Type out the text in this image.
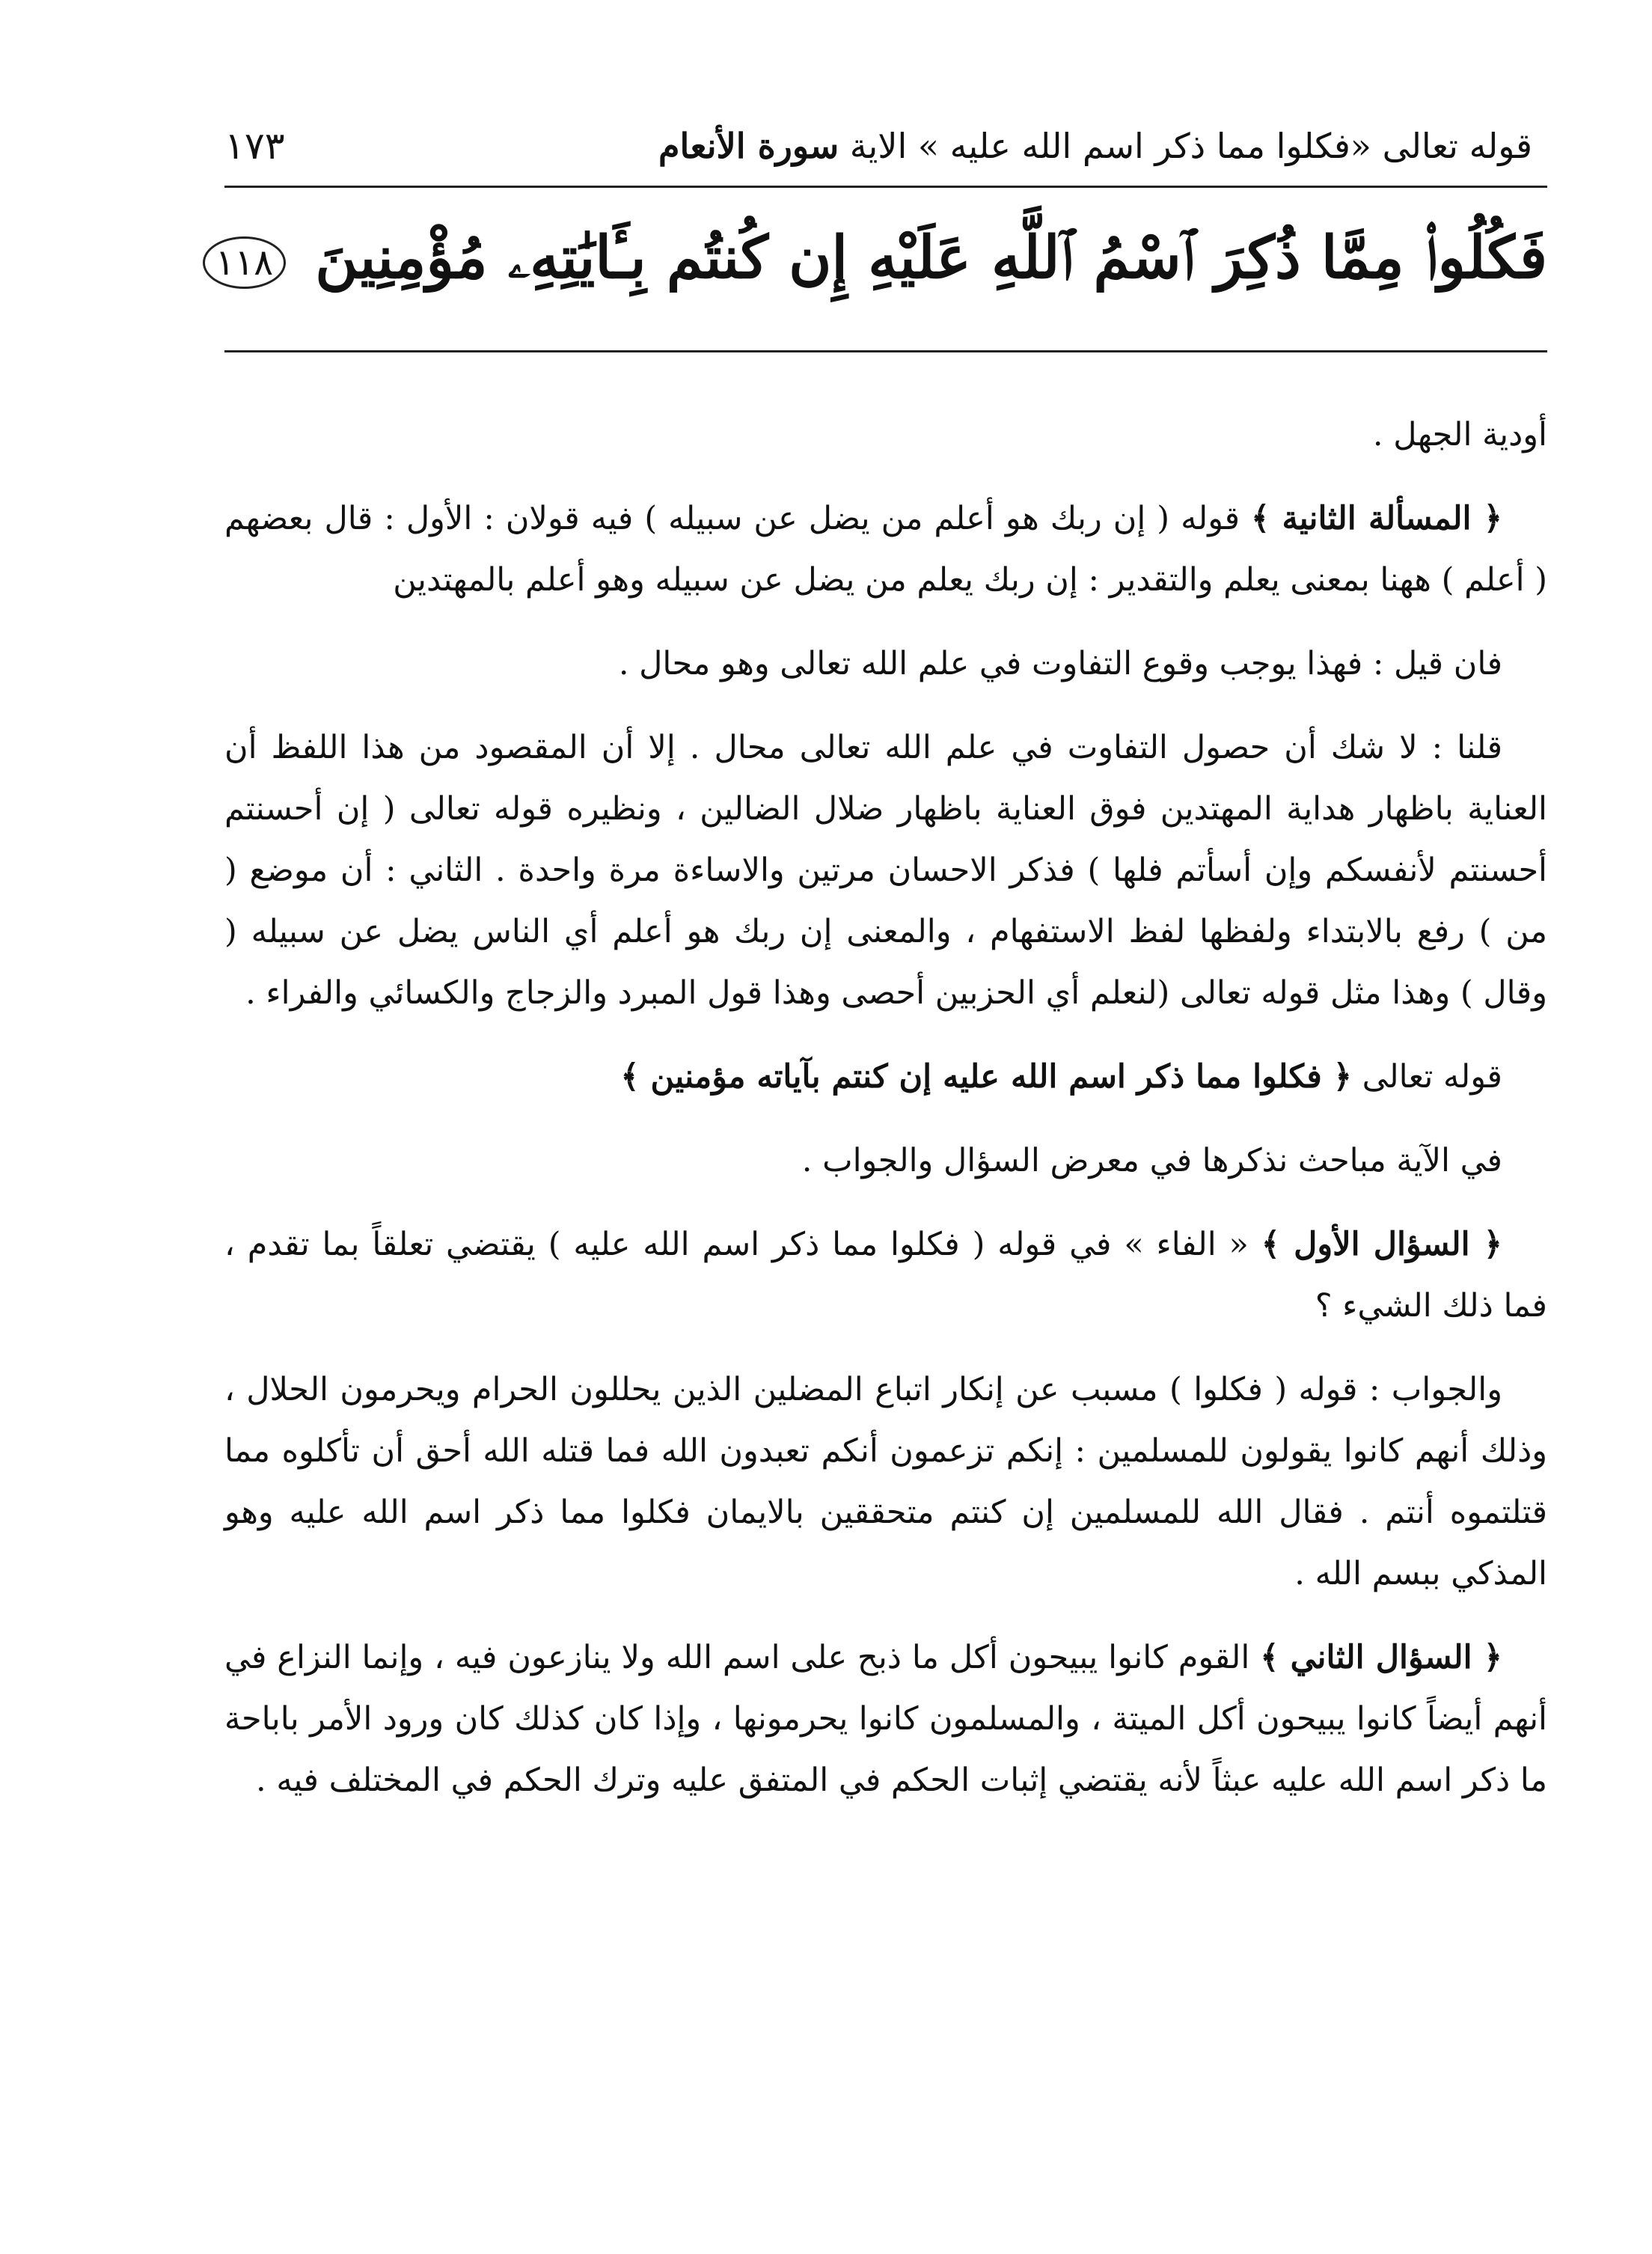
قوله تعالى «فكلوا مما ذكر اسم الله عليه » الاية سورة الأنعام
١٧٣
فَكُلُوا۟ مِمَّا ذُكِرَ ٱسْمُ ٱللَّهِ عَلَيْهِ إِن كُنتُم بِـَٔايَٰتِهِۦ مُؤْمِنِينَ ١١٨

أودية الجهل .

﴿ المسألة الثانية ﴾ قوله ( إن ربك هو أعلم من يضل عن سبيله ) فيه قولان : الأول : قال بعضهم ( أعلم ) ههنا بمعنى يعلم والتقدير : إن ربك يعلم من يضل عن سبيله وهو أعلم بالمهتدين

فان قيل : فهذا يوجب وقوع التفاوت في علم الله تعالى وهو محال .

قلنا : لا شك أن حصول التفاوت في علم الله تعالى محال . إلا أن المقصود من هذا اللفظ أن العناية باظهار هداية المهتدين فوق العناية باظهار ضلال الضالين ، ونظيره قوله تعالى ( إن أحسنتم أحسنتم لأنفسكم وإن أسأتم فلها ) فذكر الاحسان مرتين والاساءة مرة واحدة . الثاني : أن موضع ( من ) رفع بالابتداء ولفظها لفظ الاستفهام ، والمعنى إن ربك هو أعلم أي الناس يضل عن سبيله ( وقال ) وهذا مثل قوله تعالى (لنعلم أي الحزبين أحصى وهذا قول المبرد والزجاج والكسائي والفراء .

قوله تعالى ﴿ فكلوا مما ذكر اسم الله عليه إن كنتم بآياته مؤمنين ﴾

في الآية مباحث نذكرها في معرض السؤال والجواب .

﴿ السؤال الأول ﴾ « الفاء » في قوله ( فكلوا مما ذكر اسم الله عليه ) يقتضي تعلقاً بما تقدم ، فما ذلك الشيء ؟

والجواب : قوله ( فكلوا ) مسبب عن إنكار اتباع المضلين الذين يحللون الحرام ويحرمون الحلال ، وذلك أنهم كانوا يقولون للمسلمين : إنكم تزعمون أنكم تعبدون الله فما قتله الله أحق أن تأكلوه مما قتلتموه أنتم . فقال الله للمسلمين إن كنتم متحققين بالايمان فكلوا مما ذكر اسم الله عليه وهو المذكي ببسم الله .

﴿ السؤال الثاني ﴾ القوم كانوا يبيحون أكل ما ذبح على اسم الله ولا ينازعون فيه ، وإنما النزاع في أنهم أيضاً كانوا يبيحون أكل الميتة ، والمسلمون كانوا يحرمونها ، وإذا كان كذلك كان ورود الأمر باباحة ما ذكر اسم الله عليه عبثاً لأنه يقتضي إثبات الحكم في المتفق عليه وترك الحكم في المختلف فيه .
